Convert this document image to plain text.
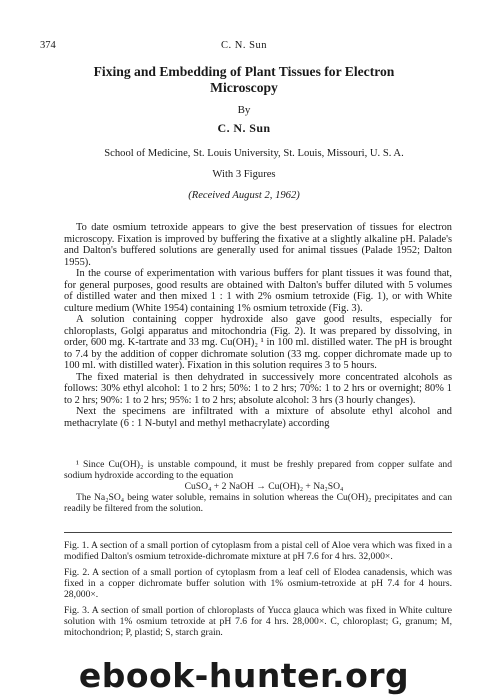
374	C. N. Sun
Fixing and Embedding of Plant Tissues for Electron Microscopy
By
C. N. Sun
School of Medicine, St. Louis University, St. Louis, Missouri, U. S. A.
With 3 Figures
(Received August 2, 1962)

To date osmium tetroxide appears to give the best preservation of tissues for electron microscopy. Fixation is improved by buffering the fixative at a slightly alkaline pH. Palade's and Dalton's buffered solutions are generally used for animal tissues (Palade 1952; Dalton 1955).

In the course of experimentation with various buffers for plant tissues it was found that, for general purposes, good results are obtained with Dalton's buffer diluted with 5 volumes of distilled water and then mixed 1 : 1 with 2% osmium tetroxide (Fig. 1), or with White culture medium (White 1954) containing 1% osmium tetroxide (Fig. 3).

A solution containing copper hydroxide also gave good results, especially for chloroplasts, Golgi apparatus and mitochondria (Fig. 2). It was prepared by dissolving, in order, 600 mg. K-tartrate and 33 mg. Cu(OH)₂ ¹ in 100 ml. distilled water. The pH is brought to 7.4 by the addition of copper dichromate solution (33 mg. copper dichromate made up to 100 ml. with distilled water). Fixation in this solution requires 3 to 5 hours.

The fixed material is then dehydrated in successively more concentrated alcohols as follows: 30% ethyl alcohol: 1 to 2 hrs; 50%: 1 to 2 hrs; 70%: 1 to 2 hrs or overnight; 80% 1 to 2 hrs; 90%: 1 to 2 hrs; 95%: 1 to 2 hrs; absolute alcohol: 3 hrs (3 hourly changes).

Next the specimens are infiltrated with a mixture of absolute ethyl alcohol and methacrylate (6 : 1 N-butyl and methyl methacrylate) according

¹ Since Cu(OH)₂ is unstable compound, it must be freshly prepared from copper sulfate and sodium hydroxide according to the equation

CuSO₄ + 2 NaOH → Cu(OH)₂ + Na₂SO₄

The Na₂SO₄ being water soluble, remains in solution whereas the Cu(OH)₂ precipitates and can readily be filtered from the solution.

Fig. 1. A section of a small portion of cytoplasm from a pistal cell of Aloe vera which was fixed in a modified Dalton's osmium tetroxide-dichromate mixture at pH 7.6 for 4 hrs. 32,000×.

Fig. 2. A section of a small portion of cytoplasm from a leaf cell of Elodea canadensis, which was fixed in a copper dichromate buffer solution with 1% osmium-tetroxide at pH 7.4 for 4 hours. 28,000×.

Fig. 3. A section of small portion of chloroplasts of Yucca glauca which was fixed in White culture solution with 1% osmium tetroxide at pH 7.6 for 4 hrs. 28,000×. C, chloroplast; G, granum; M, mitochondrion; P, plastid; S, starch grain.

ebook-hunter.org
